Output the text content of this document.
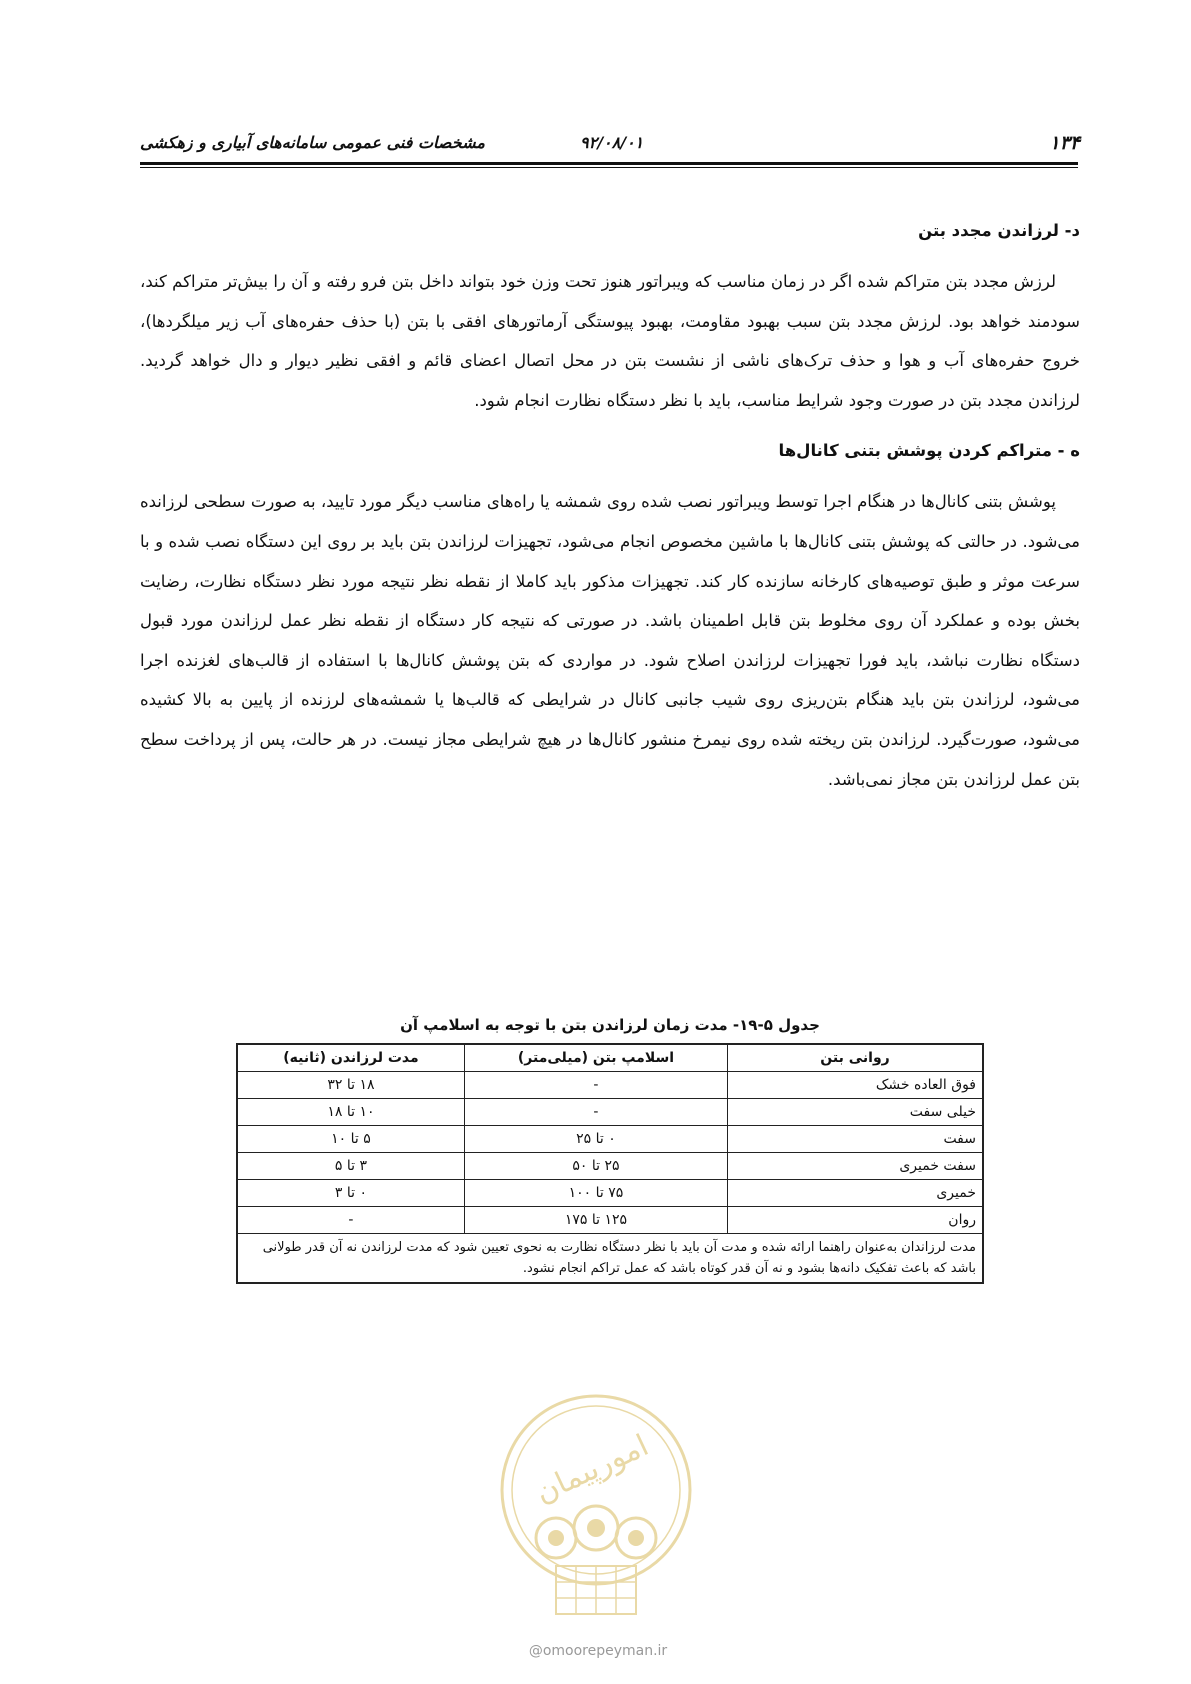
۱۳۴
۹۲/۰۸/۰۱
مشخصات فنی عمومی سامانه‌های آبیاری و زهکشی
د- لرزاندن مجدد بتن

لرزش مجدد بتن متراکم شده اگر در زمان مناسب که ویبراتور هنوز تحت وزن خود بتواند داخل بتن فرو رفته و آن را بیش‌تر متراکم کند، سودمند خواهد بود. لرزش مجدد بتن سبب بهبود مقاومت، بهبود پیوستگی آرماتورهای افقی با بتن (با حذف حفره‌های آب زیر میلگردها)، خروج حفره‌های آب و هوا و حذف ترک‌های ناشی از نشست بتن در محل اتصال اعضای قائم و افقی نظیر دیوار و دال خواهد گردید. لرزاندن مجدد بتن در صورت وجود شرایط مناسب، باید با نظر دستگاه نظارت انجام شود.

ه - متراکم کردن پوشش بتنی کانال‌ها

پوشش بتنی کانال‌ها در هنگام اجرا توسط ویبراتور نصب شده روی شمشه یا راه‌های مناسب دیگر مورد تایید، به صورت سطحی لرزانده می‌شود. در حالتی که پوشش بتنی کانال‌ها با ماشین مخصوص انجام می‌شود، تجهیزات لرزاندن بتن باید بر روی این دستگاه نصب شده و با سرعت موثر و طبق توصیه‌های کارخانه سازنده کار کند. تجهیزات مذکور باید کاملا از نقطه نظر نتیجه مورد نظر دستگاه نظارت، رضایت بخش بوده و عملکرد آن روی مخلوط بتن قابل اطمینان باشد. در صورتی که نتیجه کار دستگاه از نقطه نظر عمل لرزاندن مورد قبول دستگاه نظارت نباشد، باید فورا تجهیزات لرزاندن اصلاح شود. در مواردی که بتن پوشش کانال‌ها با استفاده از قالب‌های لغزنده اجرا می‌شود، لرزاندن بتن باید هنگام بتن‌ریزی روی شیب جانبی کانال در شرایطی که قالب‌ها یا شمشه‌های لرزنده از پایین به بالا کشیده می‌شود، صورت‌گیرد. لرزاندن بتن ریخته شده روی نیمرخ منشور کانال‌ها در هیچ شرایطی مجاز نیست. در هر حالت، پس از پرداخت سطح بتن عمل لرزاندن بتن مجاز نمی‌باشد.

جدول ۵-۱۹- مدت زمان لرزاندن بتن با توجه به اسلامپ آن
روانی بتن	اسلامپ بتن (میلی‌متر)	مدت لرزاندن (ثانیه)
فوق العاده خشک	-	۱۸ تا ۳۲
خیلی سفت	-	۱۰ تا ۱۸
سفت	۰ تا ۲۵	۵ تا ۱۰
سفت خمیری	۲۵ تا ۵۰	۳ تا ۵
خمیری	۷۵ تا ۱۰۰	۰ تا ۳
روان	۱۲۵ تا ۱۷۵	-
مدت لرزاندان به‌عنوان راهنما ارائه شده و مدت آن باید با نظر دستگاه نظارت به نحوی تعیین شود که مدت لرزاندن نه آن قدر طولانی باشد که باعث تفکیک دانه‌ها بشود و نه آن قدر کوتاه باشد که عمل تراکم انجام نشود.		
امورپیمان
@omoorepeyman.ir
